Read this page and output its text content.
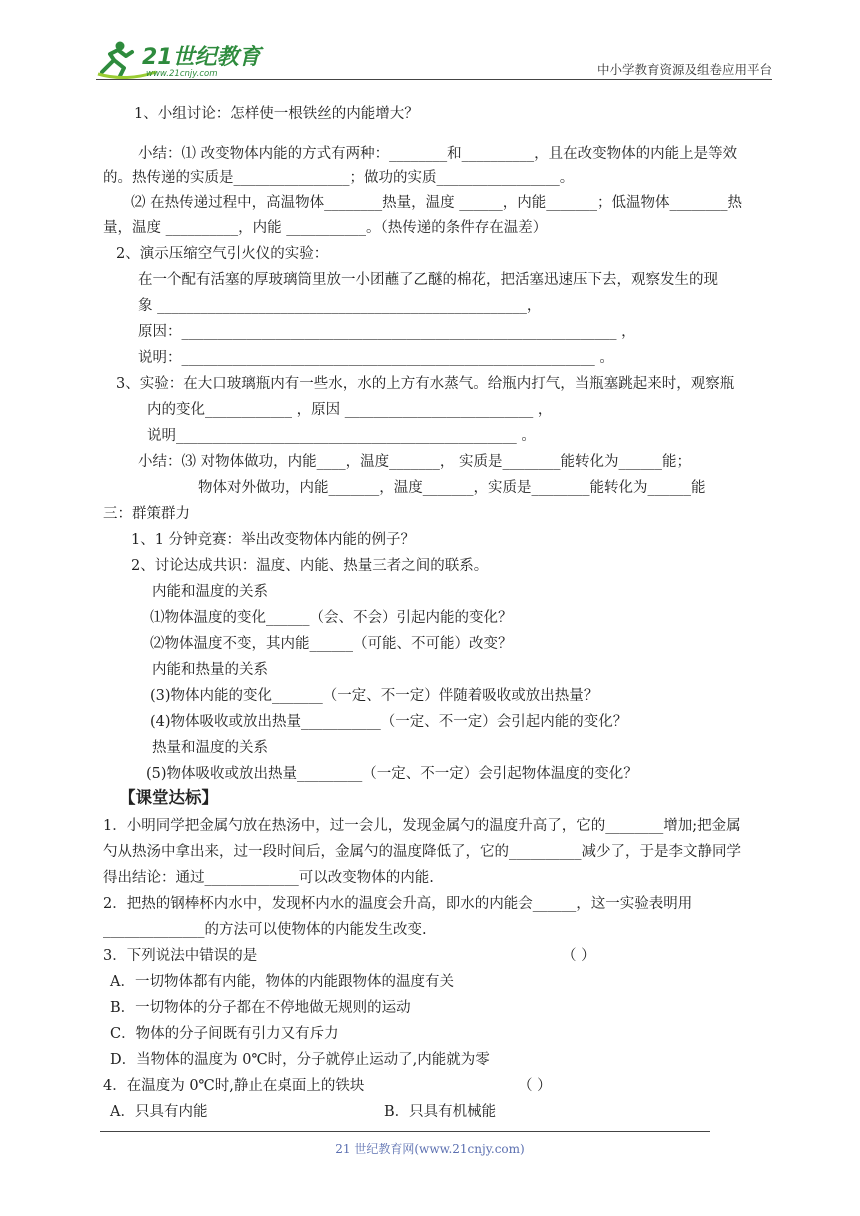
21世纪教育
www.21cnjy.com	中小学教育资源及组卷应用平台
1、小组讨论：怎样使一根铁丝的内能增大？
小结：⑴ 改变物体内能的方式有两种：________和__________，且在改变物体的内能上是等效
的。热传递的实质是________________；做功的实质_________________。
⑵ 在热传递过程中，高温物体________热量，温度 ______，内能_______；低温物体________热
量，温度 __________，内能 ___________。（热传递的条件存在温差）
2、演示压缩空气引火仪的实验：
在一个配有活塞的厚玻璃筒里放一小团蘸了乙醚的棉花，把活塞迅速压下去，观察发生的现
象 ___________________________________________________，
原因：____________________________________________________________ ，
说明：_________________________________________________________ 。
3、实验：在大口玻璃瓶内有一些水，水的上方有水蒸气。给瓶内打气，当瓶塞跳起来时，观察瓶
内的变化____________ ，原因 __________________________ ，
说明_______________________________________________ 。
小结：⑶ 对物体做功，内能____，温度_______， 实质是________能转化为______能；
物体对外做功，内能_______，温度_______，实质是________能转化为______能
三：群策群力
1、1 分钟竞赛：举出改变物体内能的例子？
2、讨论达成共识：温度、内能、热量三者之间的联系。
内能和温度的关系
⑴物体温度的变化______（会、不会）引起内能的变化？
⑵物体温度不变，其内能______（可能、不可能）改变？
内能和热量的关系
(3)物体内能的变化_______（一定、不一定）伴随着吸收或放出热量？
(4)物体吸收或放出热量___________（一定、不一定）会引起内能的变化？
热量和温度的关系
(5)物体吸收或放出热量_________（一定、不一定）会引起物体温度的变化？
【课堂达标】
1．小明同学把金属勺放在热汤中，过一会儿，发现金属勺的温度升高了，它的________增加;把金属
勺从热汤中拿出来，过一段时间后，金属勺的温度降低了，它的__________减少了，于是李文静同学
得出结论：通过_____________可以改变物体的内能.
2．把热的钢棒杯内水中，发现杯内水的温度会升高，即水的内能会______，这一实验表明用
______________的方法可以使物体的内能发生改变.
3．下列说法中错误的是	（ ）
A．一切物体都有内能，物体的内能跟物体的温度有关
B．一切物体的分子都在不停地做无规则的运动
C．物体的分子间既有引力又有斥力
D．当物体的温度为 0℃时，分子就停止运动了,内能就为零
4．在温度为 0℃时,静止在桌面上的铁块	（ ）
A．只具有内能	B．只具有机械能
21 世纪教育网(www.21cnjy.com)
